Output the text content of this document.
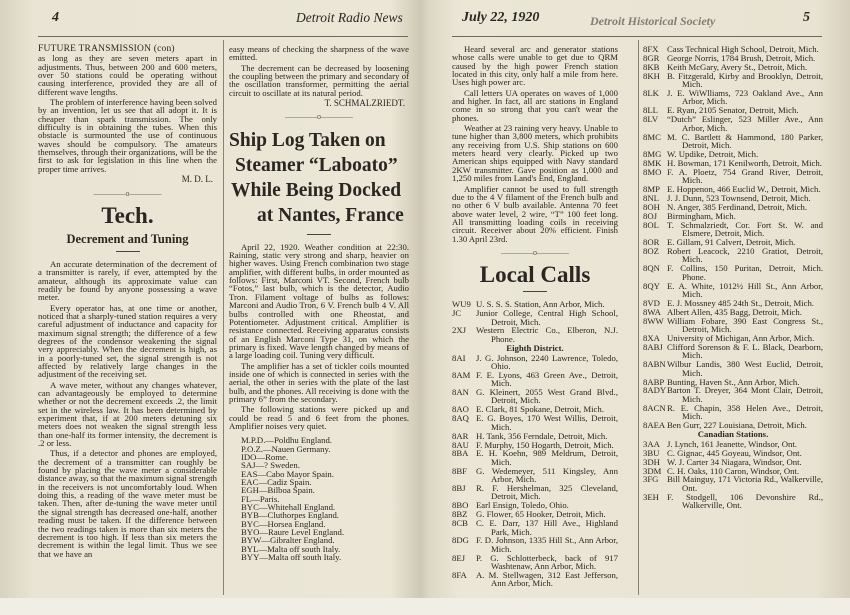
4	Detroit Radio News	July 22, 1920	5
FUTURE TRANSMISSION (con)
as long as they are seven meters apart in adjustments. Thus, between 200 and 600 meters, over 50 stations could be operating without causing interference, provided they are all of different wave lengths.
The problem of interference having been solved by an invention, let us see that all adopt it. It is cheaper than spark transmission. The only difficulty is in obtaining the tubes. When this obstacle is surmounted the use of continuous waves should be compulsory. The amateurs themselves, through their organizations, will be the first to ask for legislation in this line when the proper time arrives.
M. D. L.
————o————
Tech.
Decrement and Tuning
An accurate determination of the decrement of a transmitter is rarely, if ever, attempted by the amateur, although its approximate value can readily be found by anyone possessing a wave meter.
Every operator has, at one time or another, noticed that a sharply-tuned station requires a very careful adjustment of inductance and capacity for maximum signal strength; the difference of a few degrees of the condensor weakening the signal very appreciably. When the decrement is high, as in a poorly-tuned set, the signal strength is not affected by relatively large changes in the adjustment of the receiving set.
A wave meter, without any changes whatever, can advantageously be employed to determine whether or not the decrement exceeds .2, the limit set in the wireless law. It has been determined by experiment that, if at 200 meters detuning six meters does not weaken the signal strength less than one-half its former intensity, the decrement is .2 or less.
Thus, if a detector and phones are employed, the decrement of a transmitter can roughly be found by placing the wave meter a considerable distance away, so that the maximum signal strength in the receivers is not uncomfortably loud. When doing this, a reading of the wave meter must be taken. Then, after de-tuning the wave meter until the signal strength has decreased one-half, another reading must be taken. If the difference between the two readings taken is more than six meters the decrement is too high. If less than six meters the decrement is within the legal limit. Thus we see that we have an
easy means of checking the sharpness of the wave emitted.
The decrement can be decreased by loosening the coupling between the primary and secondary of the oscillation transformer, permitting the aerial circuit to oscillate at its natural period.
T. SCHMALZRIEDT.
————o————
Ship Log Taken on
Steamer “Laboato”
While Being Docked
at Nantes, France
April 22, 1920. Weather condition at 22:30. Raining, static very strong and sharp, heavier on higher waves. Using French combination two stage amplifier, with different bulbs, in order mounted as follows: First, Marconi VT. Second, French bulb “Fotos,” last bulb, which is the detector, Audio Tron. Filament voltage of bulbs as follows: Marconi and Audio Tron, 6 V. French bulb 4 V. All bulbs controlled with one Rheostat, and Potentiometer. Adjustment critical. Amplifier is resistance connected. Receiving apparatus consists of an English Marconi Type 31, on which the primary is fixed. Wave length changed by means of a large loading coil. Tuning very difficult.
The amplifier has a set of tickler coils mounted inside one of which is connected in series with the aerial, the other in series with the plate of the last bulb, and the phones. All receiving is done with the primary 6” from the secondary.
The following stations were picked up and could be read 5 and 6 feet from the phones. Amplifier noises very quiet.
M.P.D.—Poldhu England.
P.O.Z.—Nauen Germany.
IDO—Rome.
SAJ—? Sweden.
EAS—Cabo Mayor Spain.
EAC—Cadiz Spain.
EGH—Bilboa Spain.
FL—Paris.
BYC—Whitehall England.
BYB—Cluthorpes England.
BYC—Horsea England.
BYO—Raure Level England.
BYW—Gibralter England.
BYL—Malta off south Italy.
BYY—Malta off south Italy.
Heard several arc and generator stations whose calls were unable to get due to QRM caused by the high power French station located in this city, only half a mile from here. Uses high power arc.
Call letters UA operates on waves of 1,000 and higher. In fact, all arc stations in England come in so strong that you can't wear the phones.
Weather at 23 raining very heavy. Unable to tune higher than 3,800 meters, which prohibits any receiving from U.S. Ship stations on 600 meters heard very clearly. Picked up two American ships equipped with Navy standard 2KW transmitter. Gave position as 1,000 and 1,250 miles from Land's End, England.
Amplifier cannot be used to full strength due to the 4 V filament of the French bulb and no other 6 V bulb available. Antenna 70 feet above water level, 2 wire, “T” 100 feet long. All transmitting loading coils in receiving circuit. Receiver about 20% efficient. Finish 1.30 April 23rd.
————o————
Local Calls
WU9 U. S. S. S. Station, Ann Arbor, Mich.
JC	Junior College, Central High School, Detroit, Mich.
2XJ	Western Electric Co., Elberon, N.J. Phone.
Eighth District.
8AI	J. G. Johnson, 2240 Lawrence, Toledo, Ohio.
8AM F. E. Lyons, 463 Green Ave., Detroit, Mich.
8AN G. Kleinert, 2055 West Grand Blvd., Detroit, Mich.
8AO E. Clark, 81 Spokane, Detroit, Mich.
8AQ E. G. Boyes, 170 West Willis, Detroit, Mich.
8AR H. Tank, 356 Ferndale, Detroit, Mich.
8AU F. Murphy, 150 Hogarth, Detroit, Mich.
8BA E. H. Koehn, 989 Meldrum, Detroit, Mich.
8BF	G. Wedemeyer, 511 Kingsley, Ann Arbor, Mich.
8BJ	R. F. Hershelman, 325 Cleveland, Detroit, Mich.
8BO Earl Ensign, Toledo, Ohio.
8BZ G. Flower, 65 Hooker, Detroit, Mich.
8CB C. E. Darr, 137 Hill Ave., Highland Park, Mich.
8DG F. D. Johnson, 1335 Hill St., Ann Arbor, Mich.
8EJ	P. G. Schlotterbeck, back of 917 Washtenaw, Ann Arbor, Mich.
8FA	A. M. Stellwagen, 312 East Jefferson, Ann Arbor, Mich.
8FX Cass Technical High School, Detroit, Mich.
8GR George Norris, 1784 Brush, Detroit, Mich.
8KB Keith McGary, Avery St., Detroit, Mich.
8KH B. Fitzgerald, Kirby and Brooklyn, Detroit, Mich.
8LK J. E. WiWlliams, 723 Oakland Ave., Ann Arbor, Mich.
8LL	E. Ryan, 2105 Senator, Detroit, Mich.
8LV	“Dutch” Eslinger, 523 Miller Ave., Ann Arbor, Mich.
8MC M. C. Bartlett & Hammond, 180 Parker, Detroit, Mich.
8MG W. Updike, Detroit, Mich.
8MK H. Bowman, 171 Kenilworth, Detroit, Mich.
8MO F. A. Ploetz, 754 Grand River, Detroit, Mich.
8MP E. Hoppenon, 466 Euclid W., Detroit, Mich.
8NL J. J. Dunn, 523 Townsend, Detroit, Mich.
8OH N. Anger, 385 Ferdinand, Detroit, Mich.
8OJ	Birmingham, Mich.
8OL T. Schmalzriedt, Cor. Fort St. W. and Elsmere, Detroit, Mich.
8OR E. Gillam, 91 Calvert, Detroit, Mich.
8OZ Robert Leacock, 2210 Gratiot, Detroit, Mich.
8QN F. Collins, 150 Puritan, Detroit, Mich. Phone.
8QY E. A. White, 1012½ Hill St., Ann Arbor, Mich.
8VD E. J. Mossney 485 24th St., Detroit, Mich.
8WA Albert Allen, 435 Bagg, Detroit, Mich.
8WW William Fobare, 390 East Congress St., Detroit, Mich.
8XA University of Michigan, Ann Arbor, Mich.
8ABJ Clifford Sorenson & F. L. Black, Dearborn, Mich.
8ABN Wilbur Landis, 380 West Euclid, Detroit, Mich.
8ABP Bunting, Haven St., Ann Arbor, Mich.
8ADY Barton T. Dreyer, 364 Mont Clair, Detroit, Mich.
8ACN R. E. Chapin, 358 Helen Ave., Detroit, Mich.
8AEA Ben Gurr, 227 Louisiana, Detroit, Mich.
Canadian Stations.
3AA J. Lynch, 161 Jeanette, Windsor, Ont.
3BU C. Gignac, 445 Goyeau, Windsor, Ont.
3DH W. J. Carter 34 Niagara, Windsor, Ont.
3DM C. H. Oaks, 110 Caron, Windsor, Ont.
3FG Bill Mainguy, 171 Victoria Rd., Walkerville, Ont.
3EH F. Stodgell, 106 Devonshire Rd., Walkerville, Ont.
Detroit Historical Society
